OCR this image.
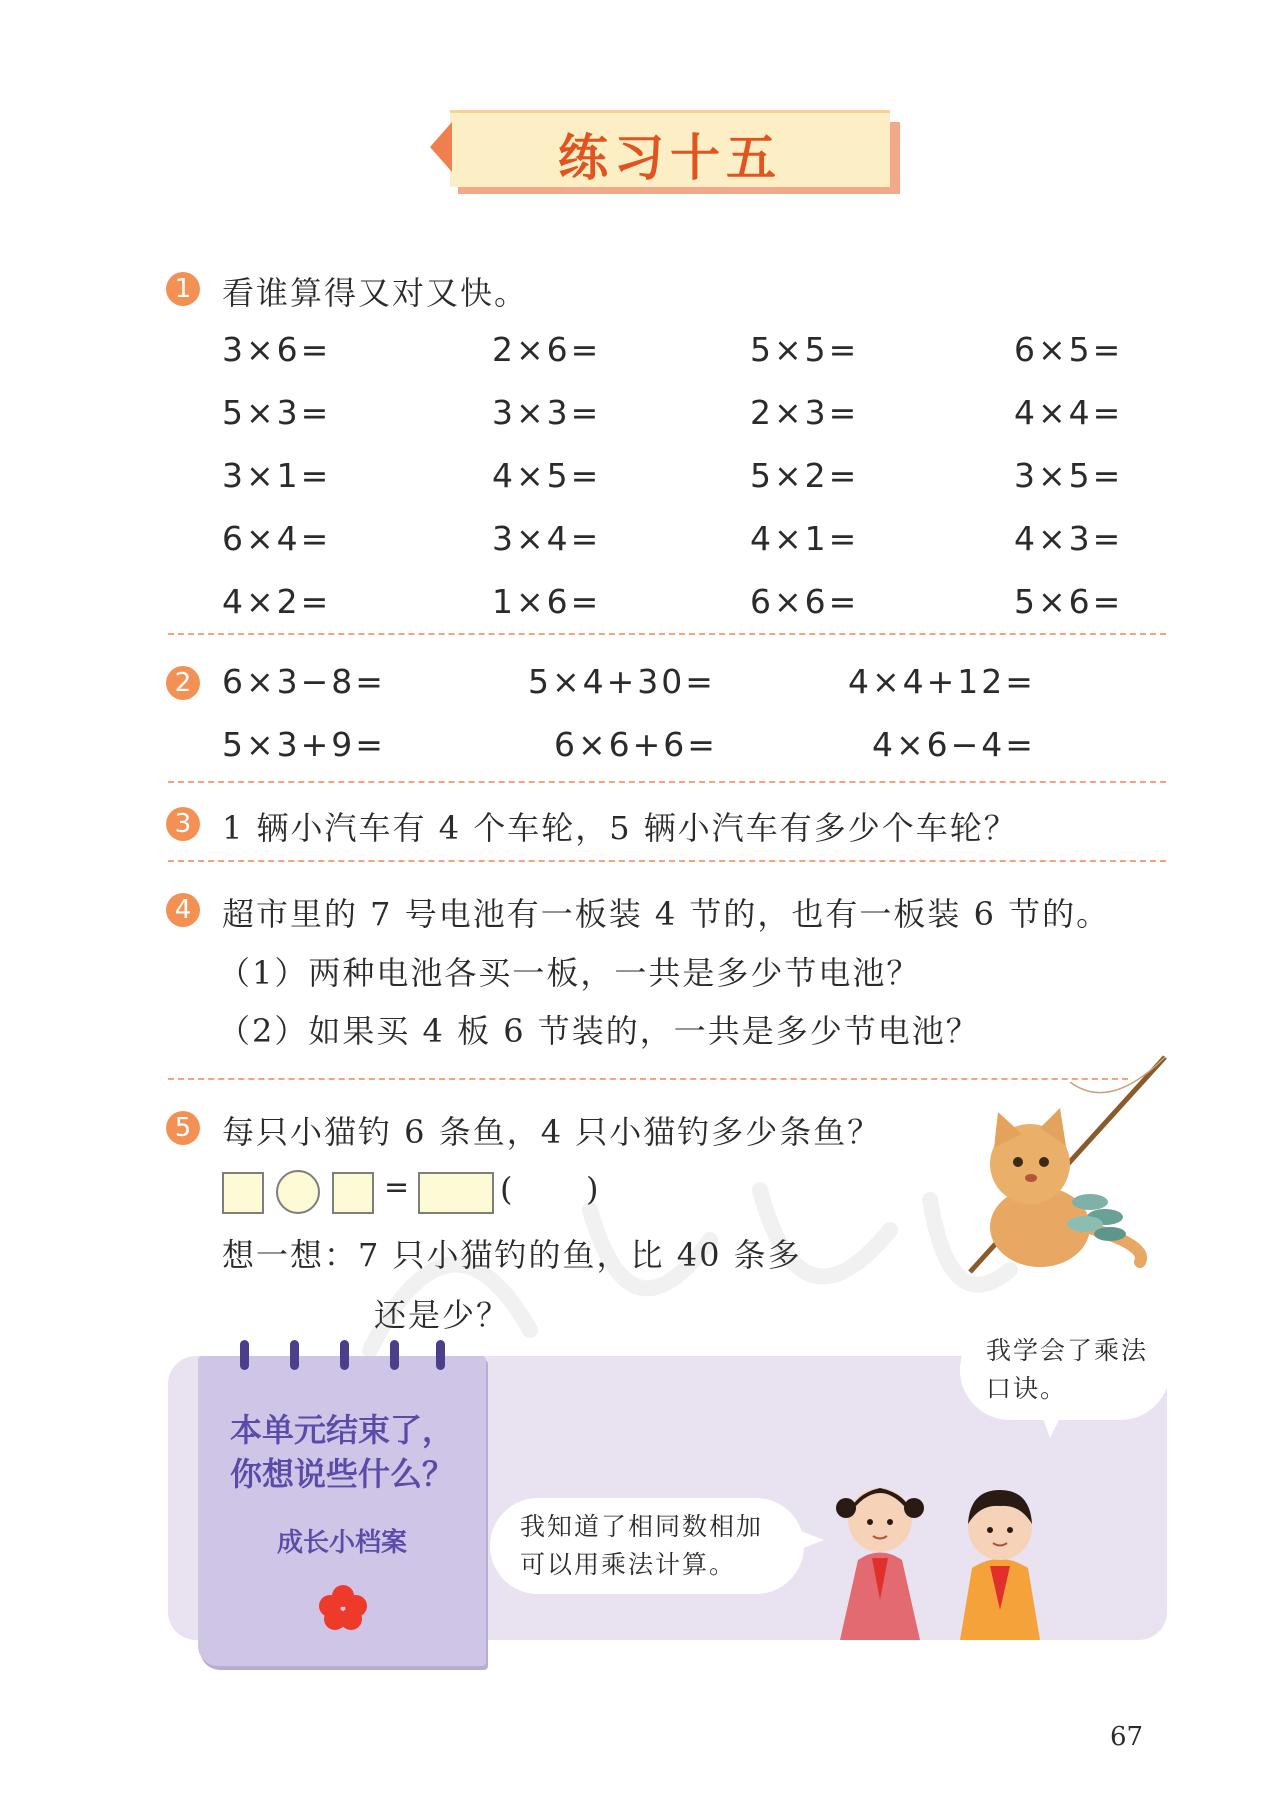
练习十五
1 看谁算得又对又快。
3×6=	2×6=	5×5=	6×5=
5×3=	3×3=	2×3=	4×4=
3×1=	4×5=	5×2=	3×5=
6×4=	3×4=	4×1=	4×3=
4×2=	1×6=	6×6=	5×6=
2 6×3−8=	5×4+30=	4×4+12=
5×3+9=	6×6+6=	4×6−4=
3 1 辆小汽车有 4 个车轮，5 辆小汽车有多少个车轮？
4 超市里的 7 号电池有一板装 4 节的，也有一板装 6 节的。
（1）两种电池各买一板，一共是多少节电池？
（2）如果买 4 板 6 节装的，一共是多少节电池？
5 每只小猫钓 6 条鱼，4 只小猫钓多少条鱼？
=	( )
想一想：7 只小猫钓的鱼，比 40 条多
还是少？
本单元结束了，
你想说些什么？
成长小档案
我学会了乘法
口诀。
我知道了相同数相加
可以用乘法计算。
67
